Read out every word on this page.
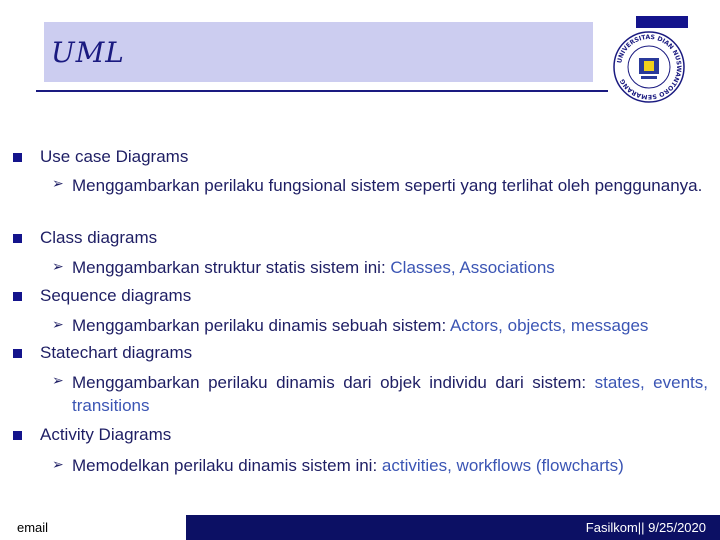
UML	UNIVERSITAS DIAN NUSWANTORO SEMARANG
Use case Diagrams
➢ Menggambarkan perilaku fungsional sistem seperti yang terlihat oleh penggunanya.
Class diagrams
➢ Menggambarkan struktur statis sistem ini: Classes, Associations
Sequence diagrams
➢ Menggambarkan perilaku dinamis sebuah sistem: Actors, objects, messages
Statechart diagrams
➢ Menggambarkan perilaku dinamis dari objek individu dari sistem: states, events, transitions
Activity Diagrams
➢ Memodelkan perilaku dinamis sistem ini: activities, workflows (flowcharts)
email	Fasilkom|| 9/25/2020
